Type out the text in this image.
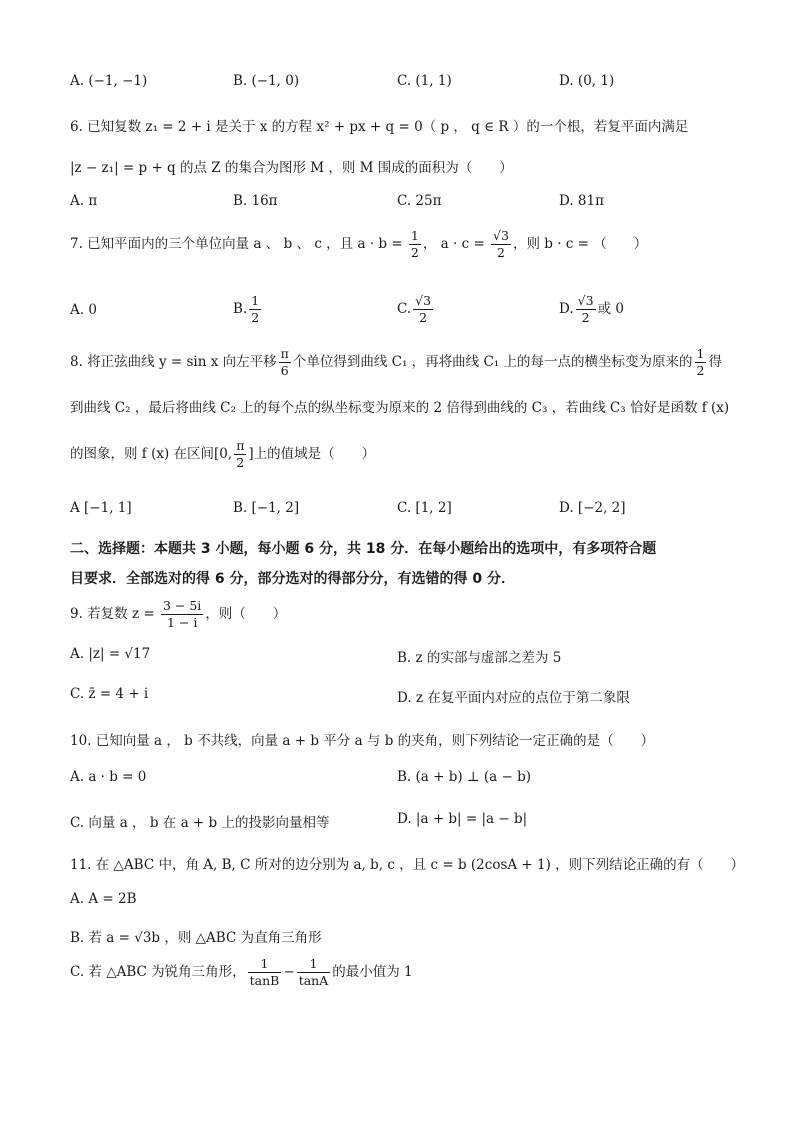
A. (−1, −1)	B. (−1, 0)	C. (1, 1)	D. (0, 1)
6. 已知复数 z₁ = 2 + i 是关于 x 的方程 x² + px + q = 0（ p ， q ∈ R ）的一个根，若复平面内满足
|z − z₁| = p + q 的点 Z 的集合为图形 M ，则 M 围成的面积为（　　）
A. π	B. 16π	C. 25π	D. 81π
7. 已知平面内的三个单位向量 a 、 b 、 c ，且 $a \cdot b = \frac{1}{2}$ ， $a \cdot c = \frac{√3}{2}$ ，则 b · c = （　　）
A. 0	B. $\frac{1}{2}$	C. $\frac{√3}{2}$	D. $\frac{√3}{2}$ 或 0
8. 将正弦曲线 y = sin x 向左平移 $\frac{\pi}{6}$ 个单位得到曲线 C₁ ，再将曲线 C₁ 上的每一点的横坐标变为原来的 $\frac{1}{2}$ 得
到曲线 C₂ ，最后将曲线 C₂ 上的每个点的纵坐标变为原来的 2 倍得到曲线的 C₃ ，若曲线 C₃ 恰好是函数 f (x)
的图象，则 f (x) 在区间[0, $\frac{\pi}{2}$ ]上的值域是（　　）
A [−1, 1]	B. [−1, 2]	C. [1, 2]	D. [−2, 2]
二、选择题：本题共 3 小题，每小题 6 分，共 18 分．在每小题给出的选项中，有多项符合题
目要求．全部选对的得 6 分，部分选对的得部分分，有选错的得 0 分．
9. 若复数 $z = \frac{3 - 5i}{1 - i}$ ，则（　　）
A. |z| = √17	B. z 的实部与虚部之差为 5
C. z̄ = 4 + i	D. z 在复平面内对应的点位于第二象限
10. 已知向量 a ， b 不共线，向量 a + b 平分 a 与 b 的夹角，则下列结论一定正确的是（　　）
A. a · b = 0	B. (a + b) ⊥ (a − b)
C. 向量 a ， b 在 a + b 上的投影向量相等	D. |a + b| = |a − b|
11. 在 △ABC 中，角 A, B, C 所对的边分别为 a, b, c ，且 c = b (2cosA + 1) ，则下列结论正确的有（　　）
A. A = 2B
B. 若 a = √3b ，则 △ABC 为直角三角形
C. 若 △ABC 为锐角三角形， $\frac{1}{\tan B} - \frac{1}{\tan A}$ 的最小值为 1
